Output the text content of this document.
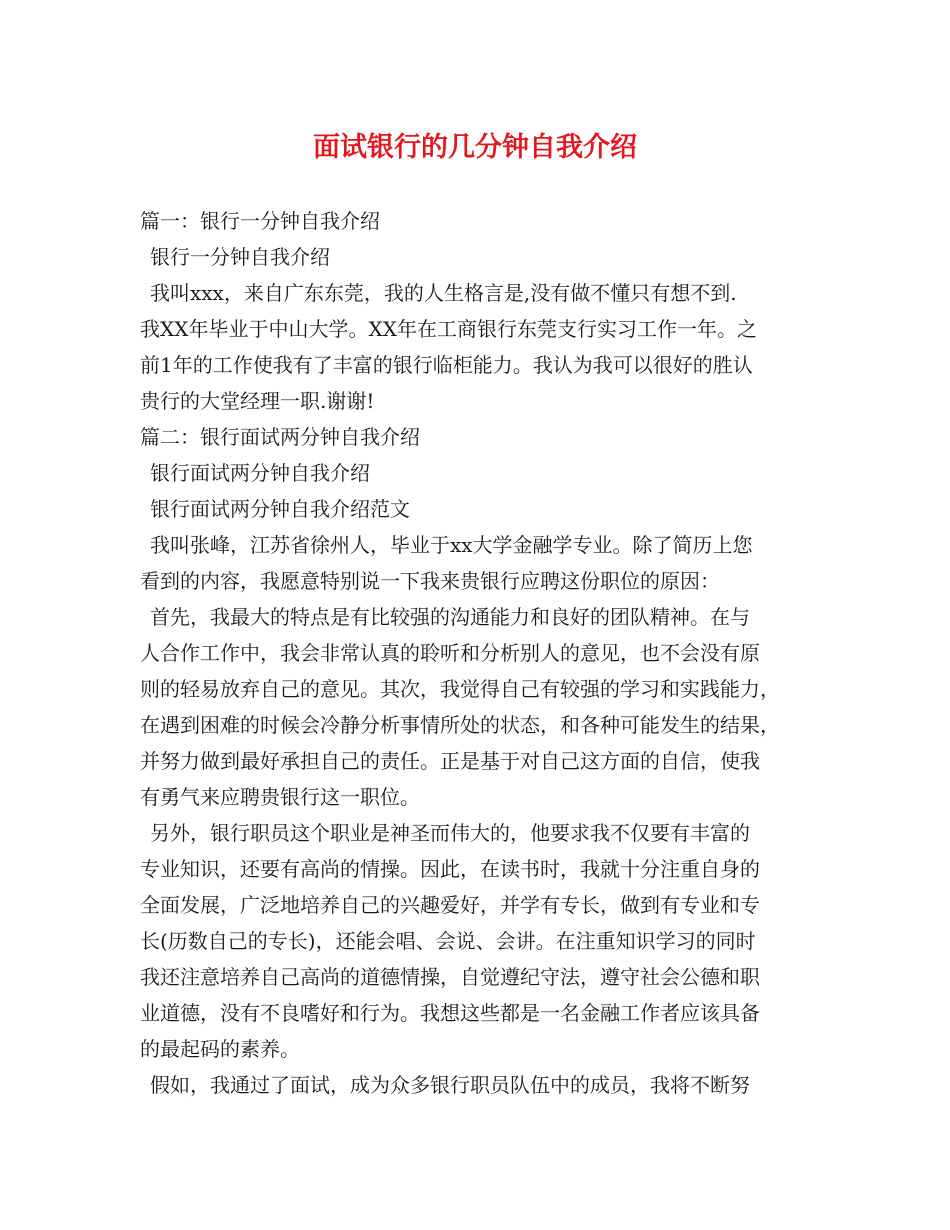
面试银行的几分钟自我介绍

篇一：银行一分钟自我介绍

银行一分钟自我介绍

我叫xxx，来自广东东莞，我的人生格言是,没有做不懂只有想不到.

我XX年毕业于中山大学。XX年在工商银行东莞支行实习工作一年。之

前1年的工作使我有了丰富的银行临柜能力。我认为我可以很好的胜认

贵行的大堂经理一职.谢谢!

篇二：银行面试两分钟自我介绍

银行面试两分钟自我介绍

银行面试两分钟自我介绍范文

我叫张峰，江苏省徐州人，毕业于xx大学金融学专业。除了简历上您

看到的内容，我愿意特别说一下我来贵银行应聘这份职位的原因：

首先，我最大的特点是有比较强的沟通能力和良好的团队精神。在与

人合作工作中，我会非常认真的聆听和分析别人的意见，也不会没有原

则的轻易放弃自己的意见。其次，我觉得自己有较强的学习和实践能力，

在遇到困难的时候会冷静分析事情所处的状态，和各种可能发生的结果，

并努力做到最好承担自己的责任。正是基于对自己这方面的自信，使我

有勇气来应聘贵银行这一职位。

另外，银行职员这个职业是神圣而伟大的，他要求我不仅要有丰富的

专业知识，还要有高尚的情操。因此，在读书时，我就十分注重自身的

全面发展，广泛地培养自己的兴趣爱好，并学有专长，做到有专业和专

长(历数自己的专长)，还能会唱、会说、会讲。在注重知识学习的同时

我还注意培养自己高尚的道德情操，自觉遵纪守法，遵守社会公德和职

业道德，没有不良嗜好和行为。我想这些都是一名金融工作者应该具备

的最起码的素养。

假如，我通过了面试，成为众多银行职员队伍中的成员，我将不断努
